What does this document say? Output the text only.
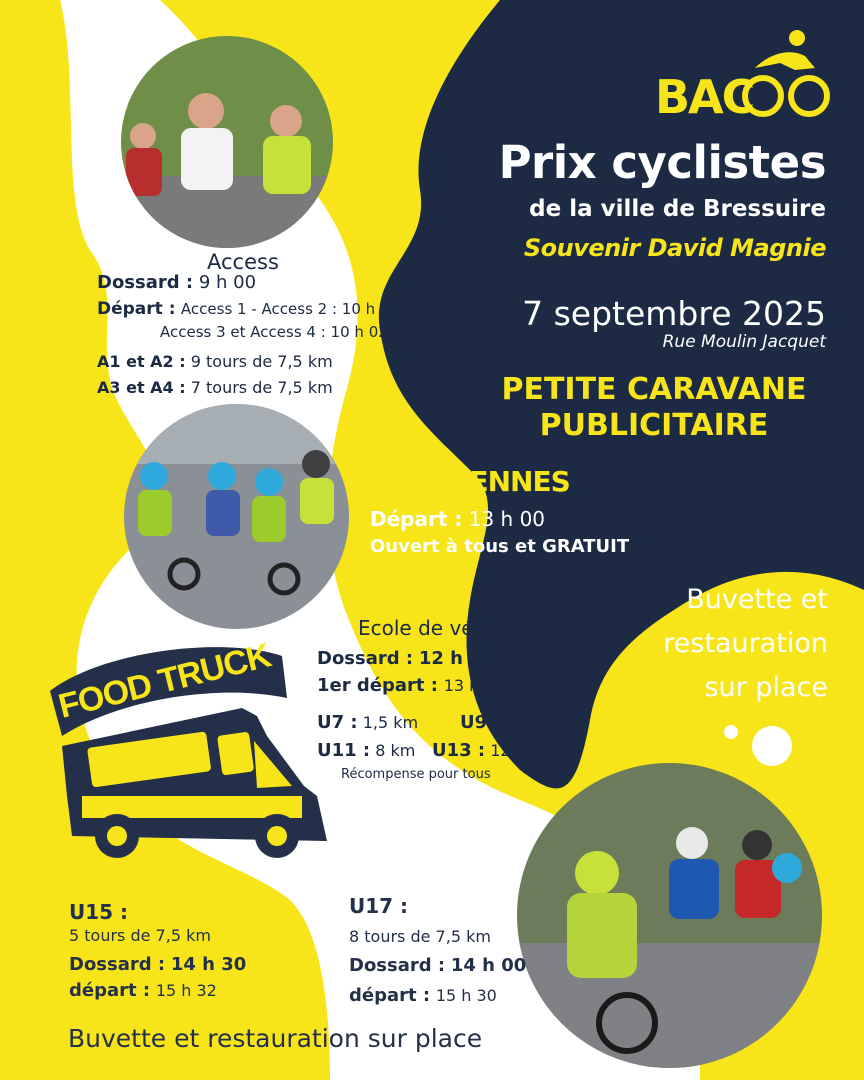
BAC
Prix cyclistes
de la ville de Bressuire
Souvenir David Magnie
7 septembre 2025
Rue Moulin Jacquet
PETITE CARAVANE
PUBLICITAIRE
Access
Dossard : 9 h 00
Départ : Access 1 - Access 2 : 10 h 00
Access 3 et Access 4 : 10 h 02
A1 et A2 : 9 tours de 7,5 km
A3 et A4 : 7 tours de 7,5 km
DRAISIENNES
Départ : 13 h 00
Ouvert à tous et GRATUIT
Buvette et
restauration
sur place
Ecole de vélo
Dossard : 12 h 30
1er départ : 13 h 30
U7 : 1,5 km U9 : 4 km
U11 : 8 km U13 : 12 km
Récompense pour tous
FOOD TRUCK
U15 :
5 tours de 7,5 km
Dossard : 14 h 30
départ : 15 h 32
U17 :
8 tours de 7,5 km
Dossard : 14 h 00
départ : 15 h 30
Buvette et restauration sur place
